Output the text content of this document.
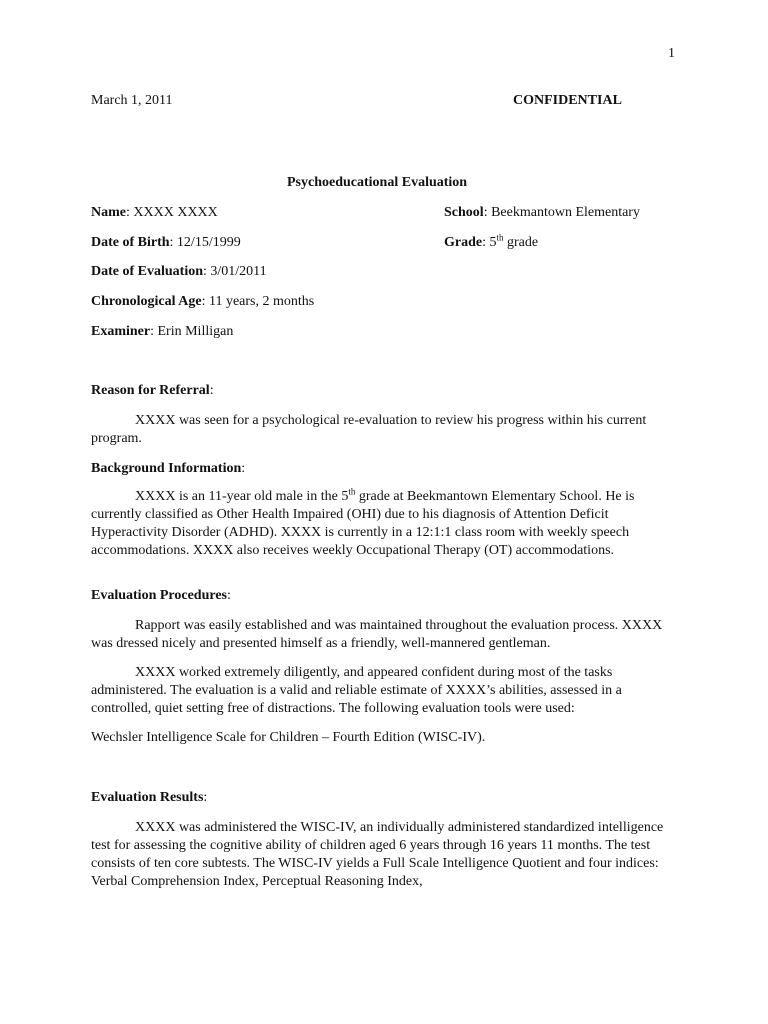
1
March 1, 2011	CONFIDENTIAL
Psychoeducational Evaluation
Name: XXXX XXXX	School: Beekmantown Elementary
Date of Birth: 12/15/1999	Grade: 5th grade
Date of Evaluation: 3/01/2011
Chronological Age: 11 years, 2 months
Examiner: Erin Milligan
Reason for Referral:
XXXX was seen for a psychological re-evaluation to review his progress within his current program.
Background Information:
XXXX is an 11-year old male in the 5th grade at Beekmantown Elementary School. He is currently classified as Other Health Impaired (OHI) due to his diagnosis of Attention Deficit Hyperactivity Disorder (ADHD). XXXX is currently in a 12:1:1 class room with weekly speech accommodations. XXXX also receives weekly Occupational Therapy (OT) accommodations.
Evaluation Procedures:
Rapport was easily established and was maintained throughout the evaluation process. XXXX was dressed nicely and presented himself as a friendly, well-mannered gentleman.
XXXX worked extremely diligently, and appeared confident during most of the tasks administered. The evaluation is a valid and reliable estimate of XXXX’s abilities, assessed in a controlled, quiet setting free of distractions. The following evaluation tools were used:
Wechsler Intelligence Scale for Children – Fourth Edition (WISC-IV).
Evaluation Results:
XXXX was administered the WISC-IV, an individually administered standardized intelligence test for assessing the cognitive ability of children aged 6 years through 16 years 11 months. The test consists of ten core subtests. The WISC-IV yields a Full Scale Intelligence Quotient and four indices: Verbal Comprehension Index, Perceptual Reasoning Index,
